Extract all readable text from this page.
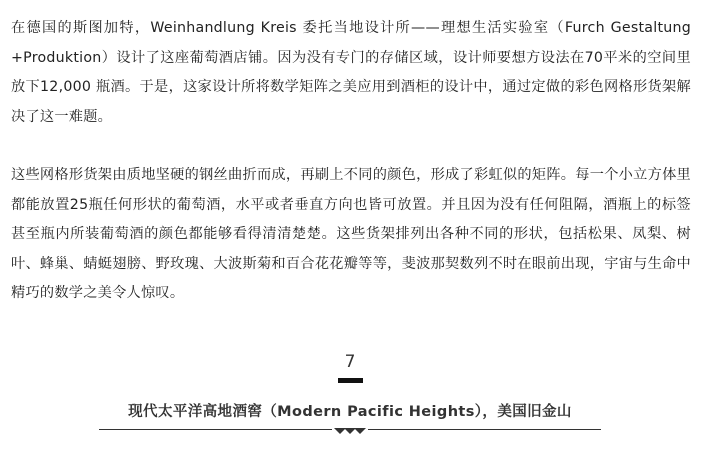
在德国的斯图加特，Weinhandlung Kreis 委托当地设计所——理想生活实验室（Furch Gestaltung +Produktion）设计了这座葡萄酒店铺。因为没有专门的存储区域，设计师要想方设法在70平米的空间里放下12,000 瓶酒。于是，这家设计所将数学矩阵之美应用到酒柜的设计中，通过定做的彩色网格形货架解决了这一难题。

这些网格形货架由质地坚硬的钢丝曲折而成，再刷上不同的颜色，形成了彩虹似的矩阵。每一个小立方体里都能放置25瓶任何形状的葡萄酒，水平或者垂直方向也皆可放置。并且因为没有任何阻隔，酒瓶上的标签甚至瓶内所装葡萄酒的颜色都能够看得清清楚楚。这些货架排列出各种不同的形状，包括松果、凤梨、树叶、蜂巢、蜻蜓翅膀、野玫瑰、大波斯菊和百合花花瓣等等，斐波那契数列不时在眼前出现，宇宙与生命中精巧的数学之美令人惊叹。

7
现代太平洋高地酒窖（Modern Pacific Heights），美国旧金山
